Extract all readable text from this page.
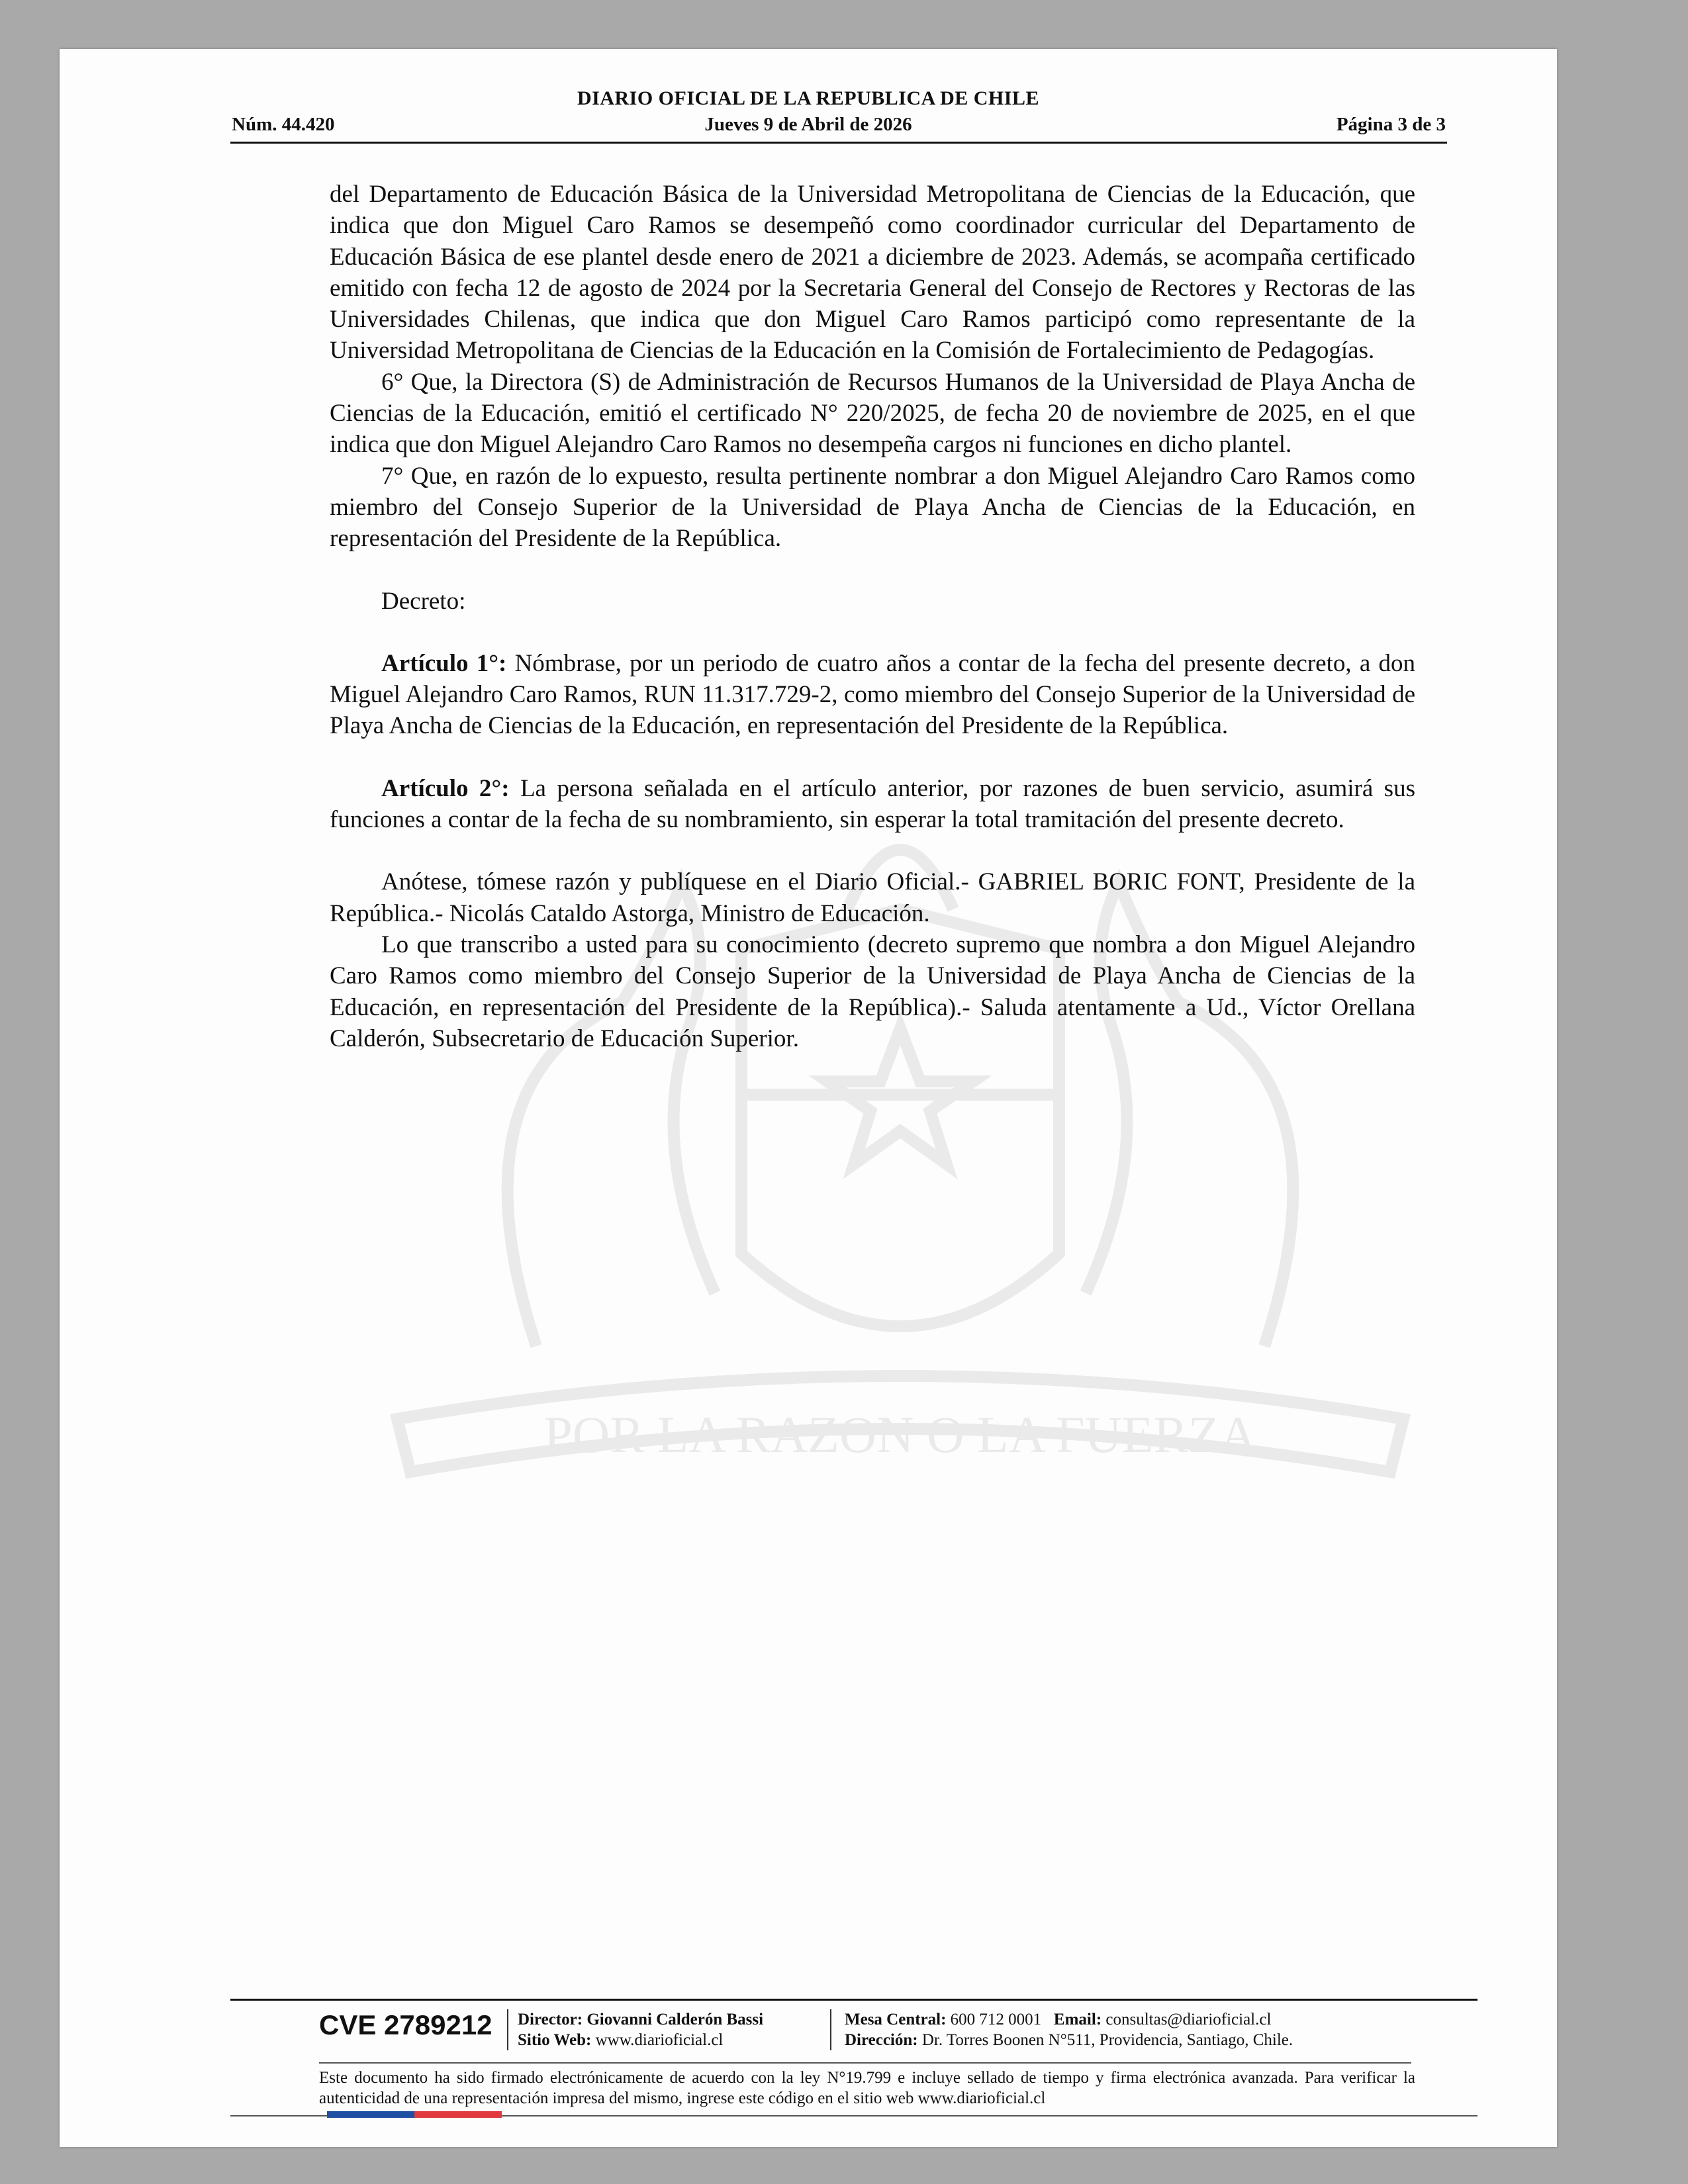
POR LA RAZON O LA FUERZA
DIARIO OFICIAL DE LA REPUBLICA DE CHILE
Núm. 44.420	Jueves 9 de Abril de 2026	Página 3 de 3

del Departamento de Educación Básica de la Universidad Metropolitana de Ciencias de la Educación, que indica que don Miguel Caro Ramos se desempeñó como coordinador curricular del Departamento de Educación Básica de ese plantel desde enero de 2021 a diciembre de 2023. Además, se acompaña certificado emitido con fecha 12 de agosto de 2024 por la Secretaria General del Consejo de Rectores y Rectoras de las Universidades Chilenas, que indica que don Miguel Caro Ramos participó como representante de la Universidad Metropolitana de Ciencias de la Educación en la Comisión de Fortalecimiento de Pedagogías.

6° Que, la Directora (S) de Administración de Recursos Humanos de la Universidad de Playa Ancha de Ciencias de la Educación, emitió el certificado N° 220/2025, de fecha 20 de noviembre de 2025, en el que indica que don Miguel Alejandro Caro Ramos no desempeña cargos ni funciones en dicho plantel.

7° Que, en razón de lo expuesto, resulta pertinente nombrar a don Miguel Alejandro Caro Ramos como miembro del Consejo Superior de la Universidad de Playa Ancha de Ciencias de la Educación, en representación del Presidente de la República.

Decreto:

Artículo 1°: Nómbrase, por un periodo de cuatro años a contar de la fecha del presente decreto, a don Miguel Alejandro Caro Ramos, RUN 11.317.729-2, como miembro del Consejo Superior de la Universidad de Playa Ancha de Ciencias de la Educación, en representación del Presidente de la República.

Artículo 2°: La persona señalada en el artículo anterior, por razones de buen servicio, asumirá sus funciones a contar de la fecha de su nombramiento, sin esperar la total tramitación del presente decreto.

Anótese, tómese razón y publíquese en el Diario Oficial.- GABRIEL BORIC FONT, Presidente de la República.- Nicolás Cataldo Astorga, Ministro de Educación.

Lo que transcribo a usted para su conocimiento (decreto supremo que nombra a don Miguel Alejandro Caro Ramos como miembro del Consejo Superior de la Universidad de Playa Ancha de Ciencias de la Educación, en representación del Presidente de la República).- Saluda atentamente a Ud., Víctor Orellana Calderón, Subsecretario de Educación Superior.

CVE 2789212 Director: Giovanni Calderón Bassi
Sitio Web: www.diarioficial.cl
Mesa Central: 600 712 0001 Email: consultas@diarioficial.cl
Dirección: Dr. Torres Boonen N°511, Providencia, Santiago, Chile.
Este documento ha sido firmado electrónicamente de acuerdo con la ley N°19.799 e incluye sellado de tiempo y firma electrónica avanzada. Para verificar la autenticidad de una representación impresa del mismo, ingrese este código en el sitio web www.diarioficial.cl
